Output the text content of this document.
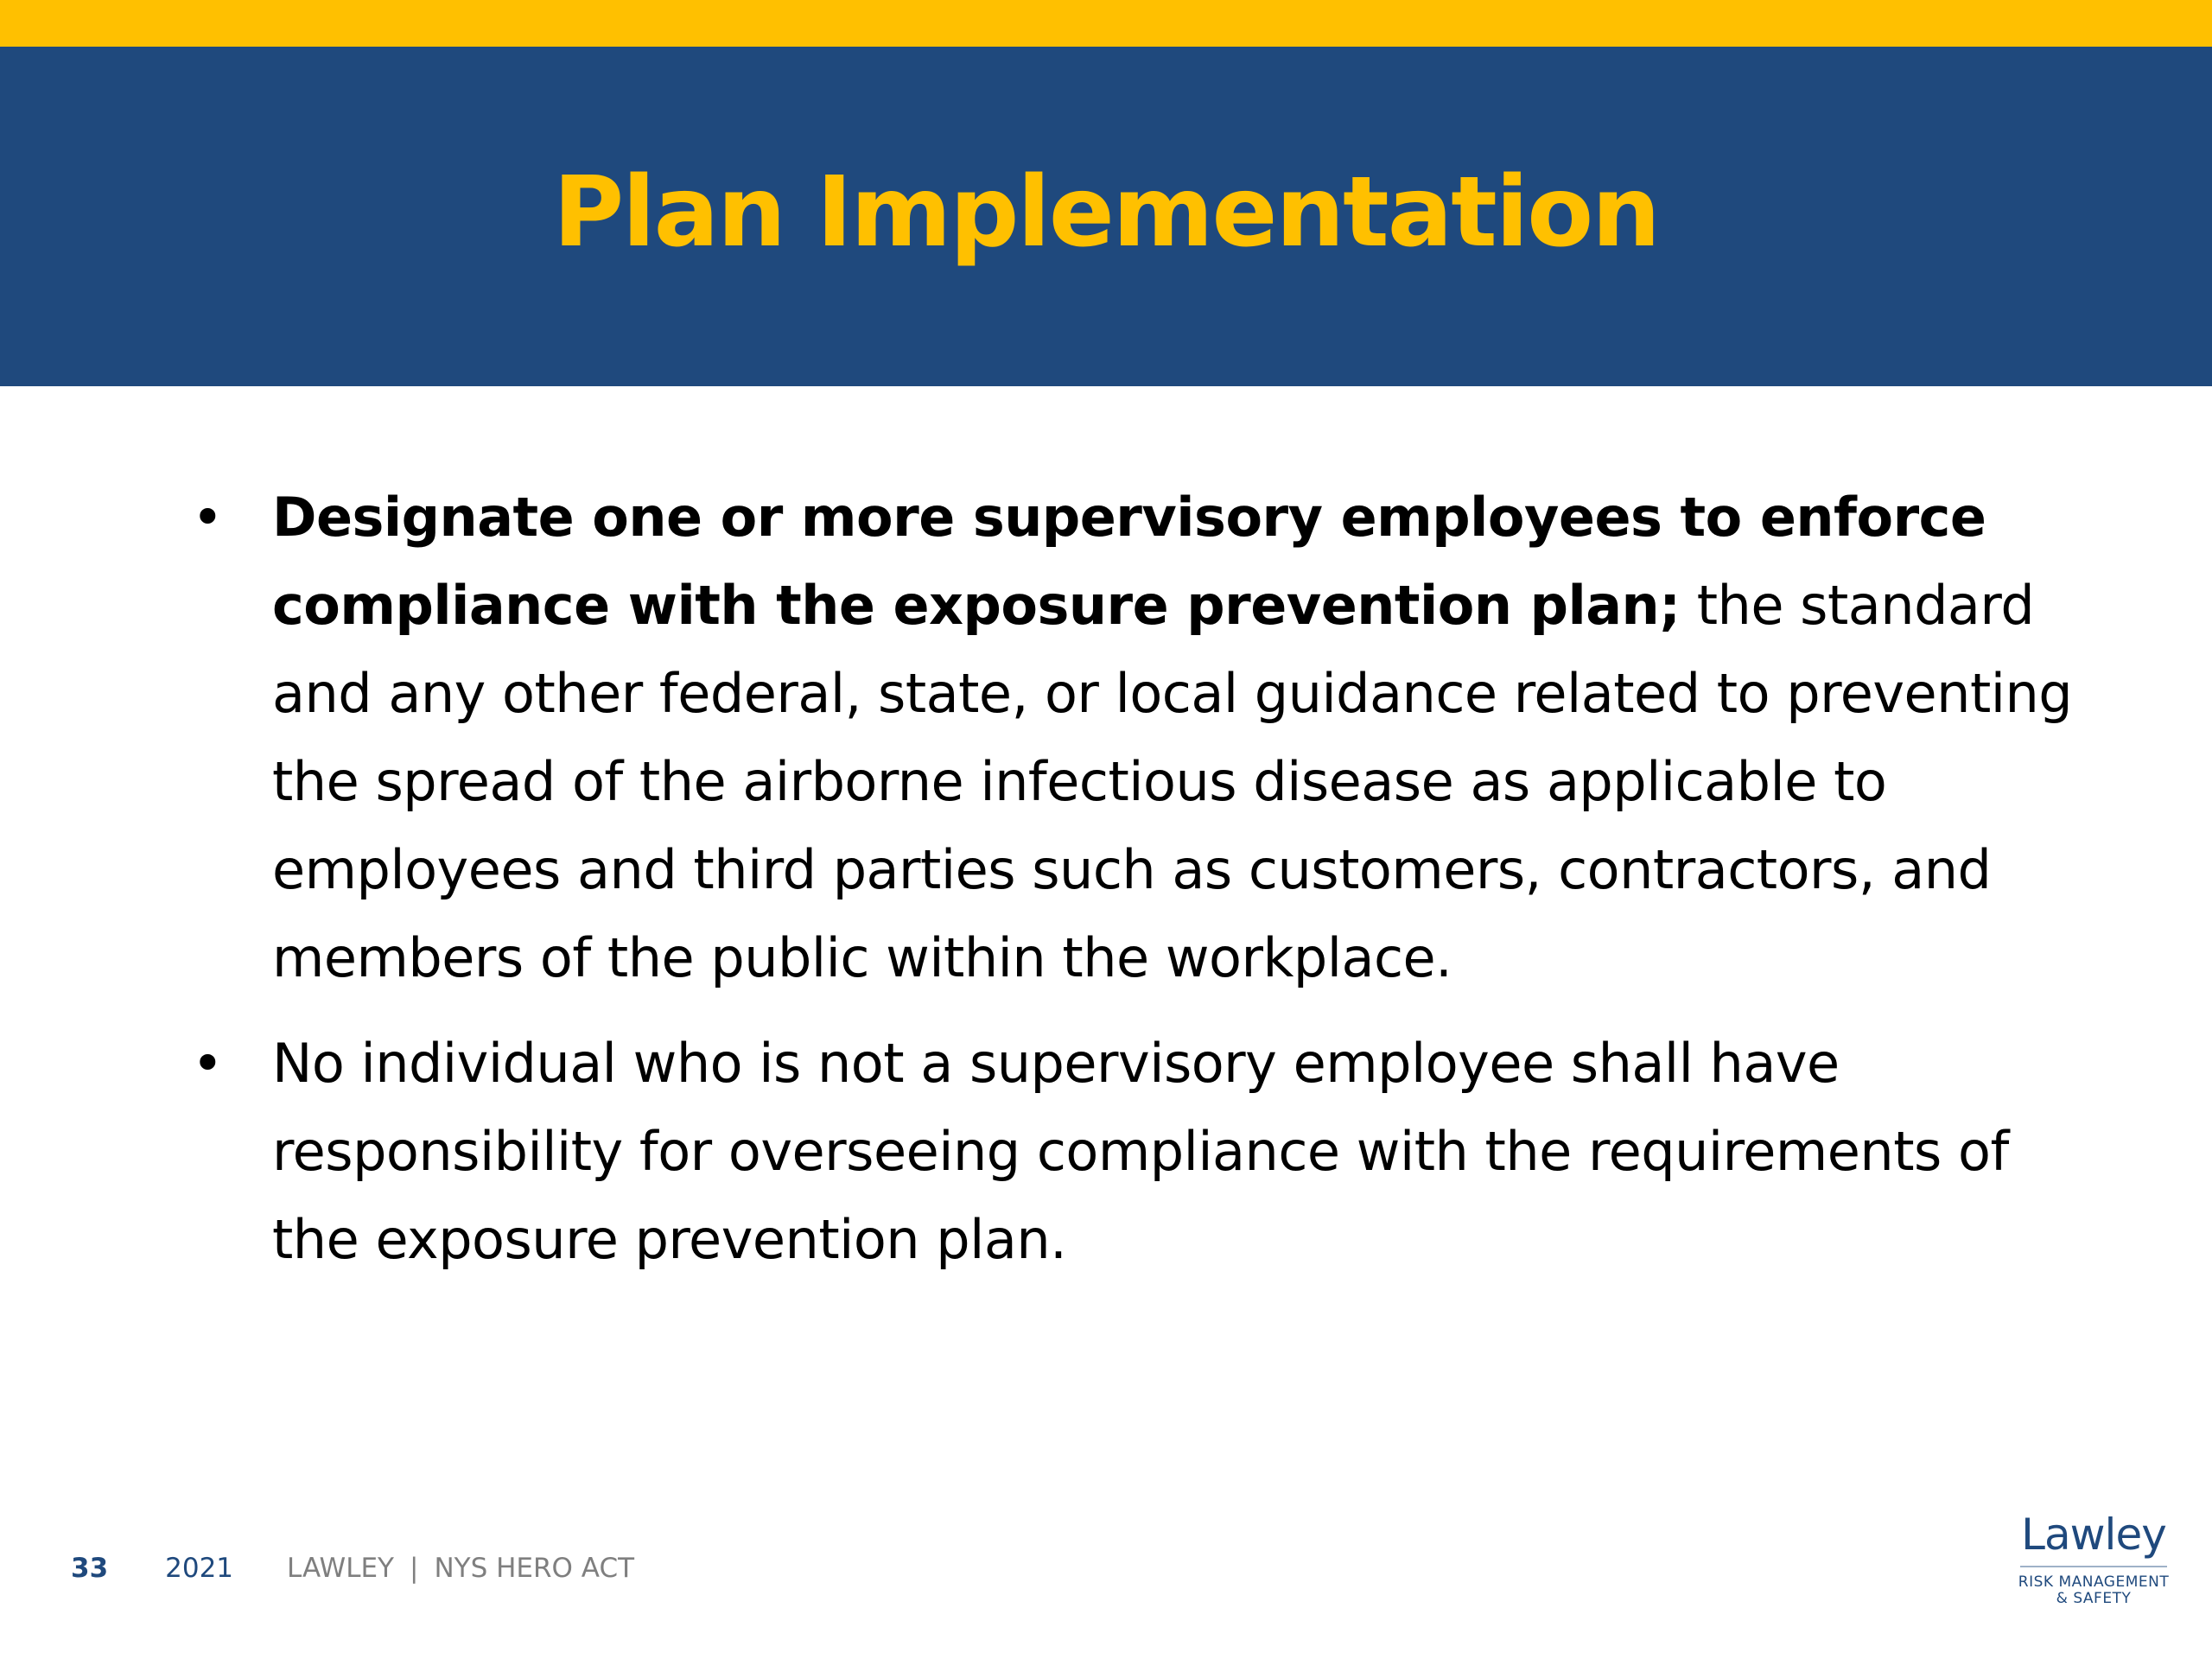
Plan Implementation
• Designate one or more supervisory employees to enforce compliance with the exposure prevention plan; the standard and any other federal, state, or local guidance related to preventing the spread of the airborne infectious disease as applicable to employees and third parties such as customers, contractors, and members of the public within the workplace.
• No individual who is not a supervisory employee shall have responsibility for overseeing compliance with the requirements of the exposure prevention plan.
33 2021 LAWLEY | NYS HERO ACT
Lawley
RISK MANAGEMENT
& SAFETY
